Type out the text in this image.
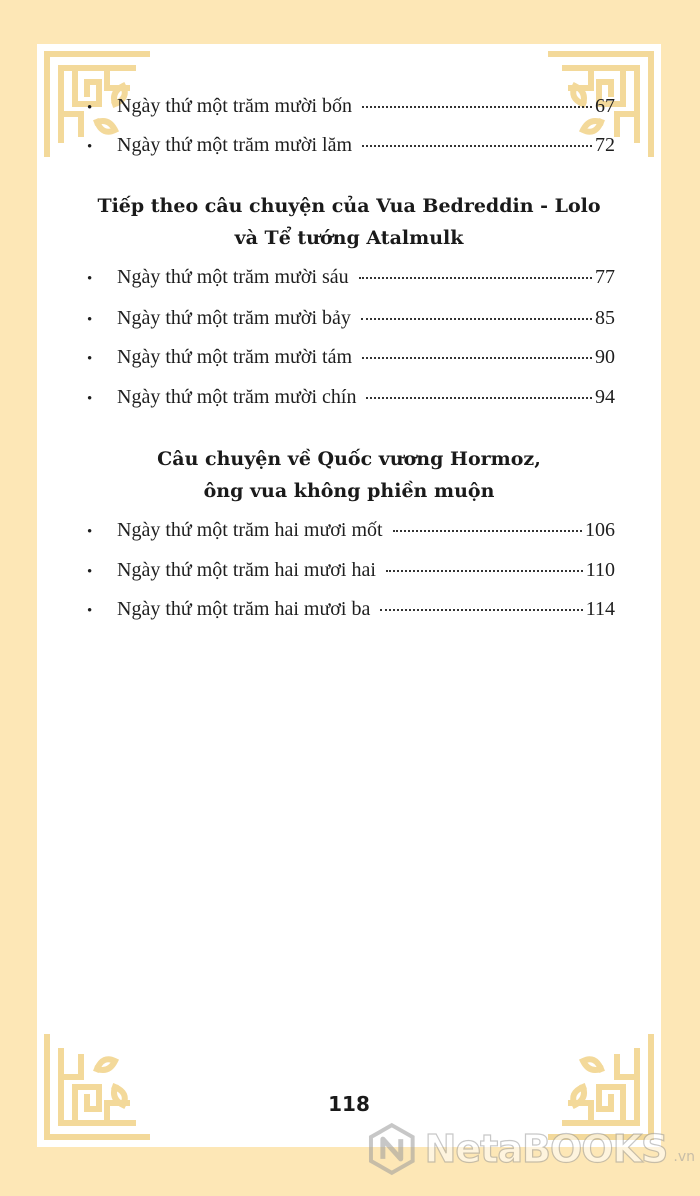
•	Ngày thứ một trăm mười bốn	67
•	Ngày thứ một trăm mười lăm	72
Tiếp theo câu chuyện của Vua Bedreddin - Lolo
và Tể tướng Atalmulk
•	Ngày thứ một trăm mười sáu	77
•	Ngày thứ một trăm mười bảy	85
•	Ngày thứ một trăm mười tám	90
•	Ngày thứ một trăm mười chín	94
Câu chuyện về Quốc vương Hormoz,
ông vua không phiền muộn
•	Ngày thứ một trăm hai mươi mốt	106
•	Ngày thứ một trăm hai mươi hai	110
•	Ngày thứ một trăm hai mươi ba	114
118
NetaBOOKS .vn
